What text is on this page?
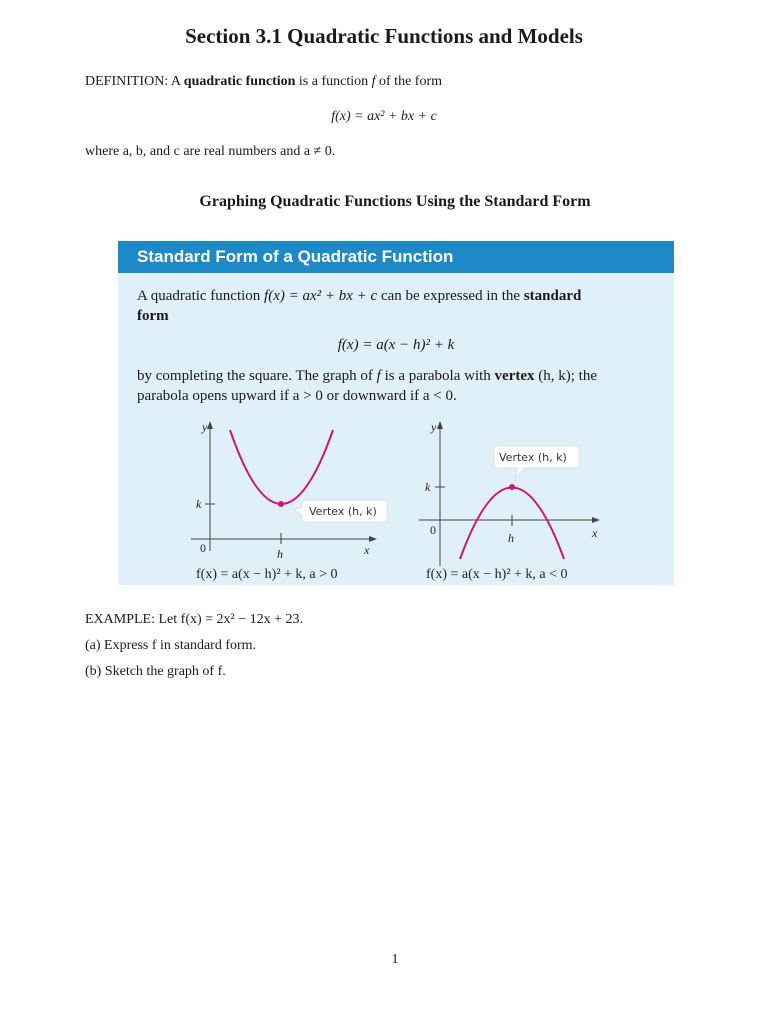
Section 3.1 Quadratic Functions and Models
DEFINITION: A quadratic function is a function f of the form
f(x) = ax² + bx + c
where a, b, and c are real numbers and a ≠ 0.
Graphing Quadratic Functions Using the Standard Form
Standard Form of a Quadratic Function
A quadratic function f(x) = ax² + bx + c can be expressed in the standard
form
f(x) = a(x − h)² + k
by completing the square. The graph of f is a parabola with vertex (h, k); the
parabola opens upward if a > 0 or downward if a < 0.
Vertex (h, k)
y
x
k
h
0
f(x) = a(x − h)² + k, a > 0
Vertex (h, k)
y
x
k
h
0
f(x) = a(x − h)² + k, a < 0
EXAMPLE: Let f(x) = 2x² − 12x + 23.
(a) Express f in standard form.
(b) Sketch the graph of f.
1
